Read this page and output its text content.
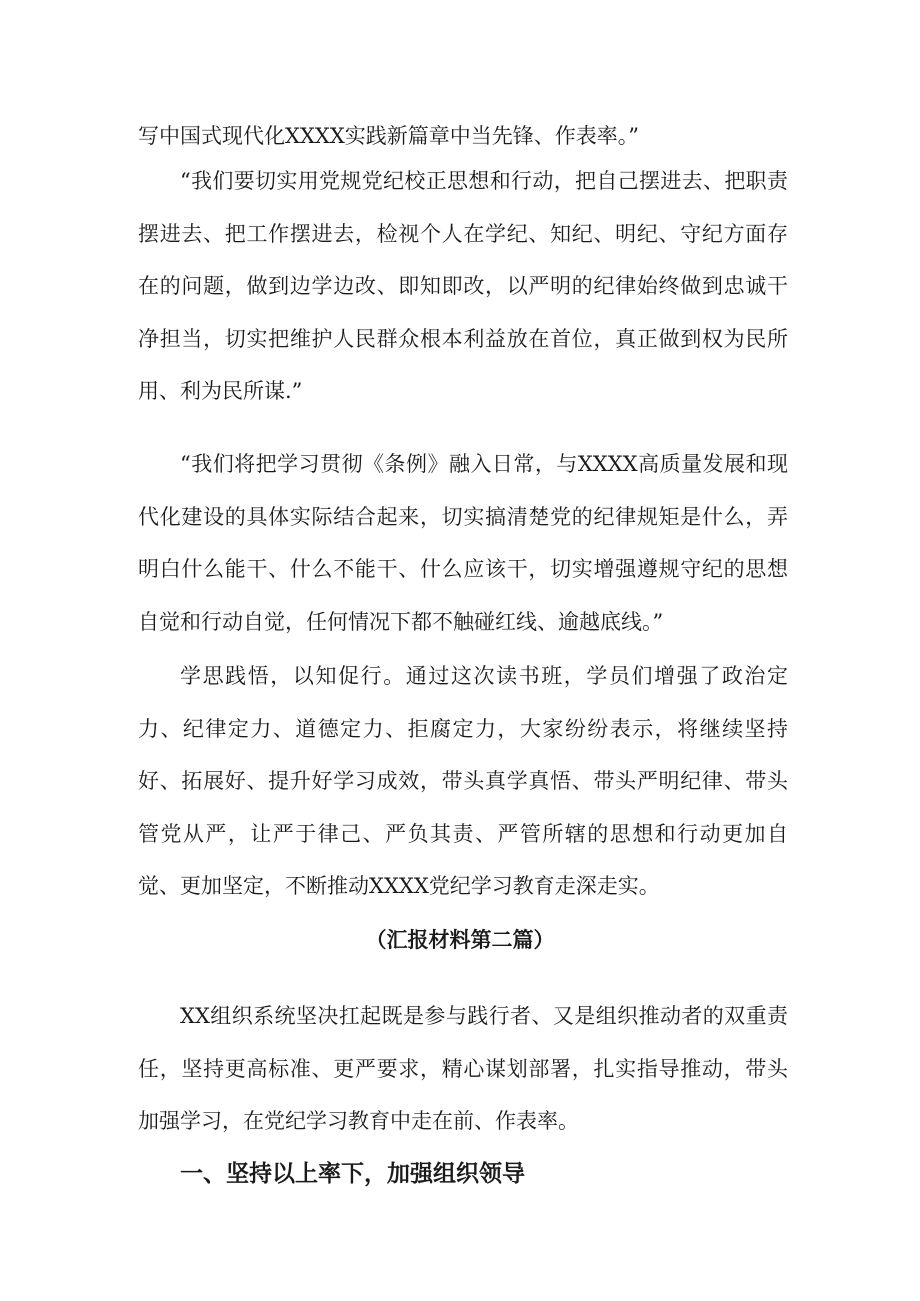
写中国式现代化XXXX实践新篇章中当先锋、作表率。”

“我们要切实用党规党纪校正思想和行动，把自己摆进去、把职责摆进去、把工作摆进去，检视个人在学纪、知纪、明纪、守纪方面存在的问题，做到边学边改、即知即改，以严明的纪律始终做到忠诚干净担当，切实把维护人民群众根本利益放在首位，真正做到权为民所用、利为民所谋.”

“我们将把学习贯彻《条例》融入日常，与XXXX高质量发展和现代化建设的具体实际结合起来，切实搞清楚党的纪律规矩是什么，弄明白什么能干、什么不能干、什么应该干，切实增强遵规守纪的思想自觉和行动自觉，任何情况下都不触碰红线、逾越底线。”

学思践悟，以知促行。通过这次读书班，学员们增强了政治定力、纪律定力、道德定力、拒腐定力，大家纷纷表示，将继续坚持好、拓展好、提升好学习成效，带头真学真悟、带头严明纪律、带头管党从严，让严于律己、严负其责、严管所辖的思想和行动更加自觉、更加坚定，不断推动XXXX党纪学习教育走深走实。

（汇报材料第二篇）

XX组织系统坚决扛起既是参与践行者、又是组织推动者的双重责任，坚持更高标准、更严要求，精心谋划部署，扎实指导推动，带头加强学习，在党纪学习教育中走在前、作表率。

一、坚持以上率下，加强组织领导
